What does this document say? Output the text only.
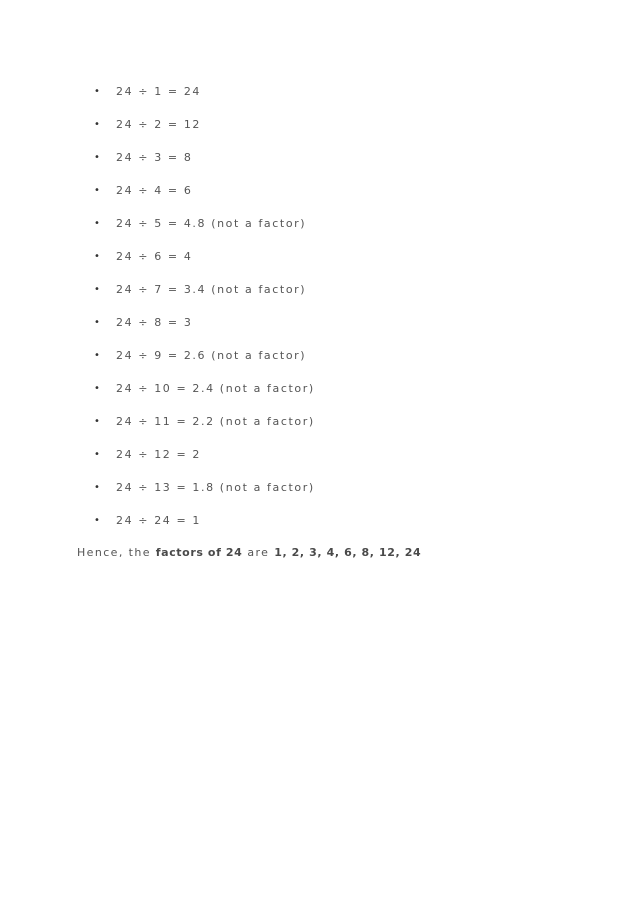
•
24 ÷ 1 = 24
•
24 ÷ 2 = 12
•
24 ÷ 3 = 8
•
24 ÷ 4 = 6
•
24 ÷ 5 = 4.8 (not a factor)
•
24 ÷ 6 = 4
•
24 ÷ 7 = 3.4 (not a factor)
•
24 ÷ 8 = 3
•
24 ÷ 9 = 2.6 (not a factor)
•
24 ÷ 10 = 2.4 (not a factor)
•
24 ÷ 11 = 2.2 (not a factor)
•
24 ÷ 12 = 2
•
24 ÷ 13 = 1.8 (not a factor)
•
24 ÷ 24 = 1

Hence, the factors of 24 are 1, 2, 3, 4, 6, 8, 12, 24
